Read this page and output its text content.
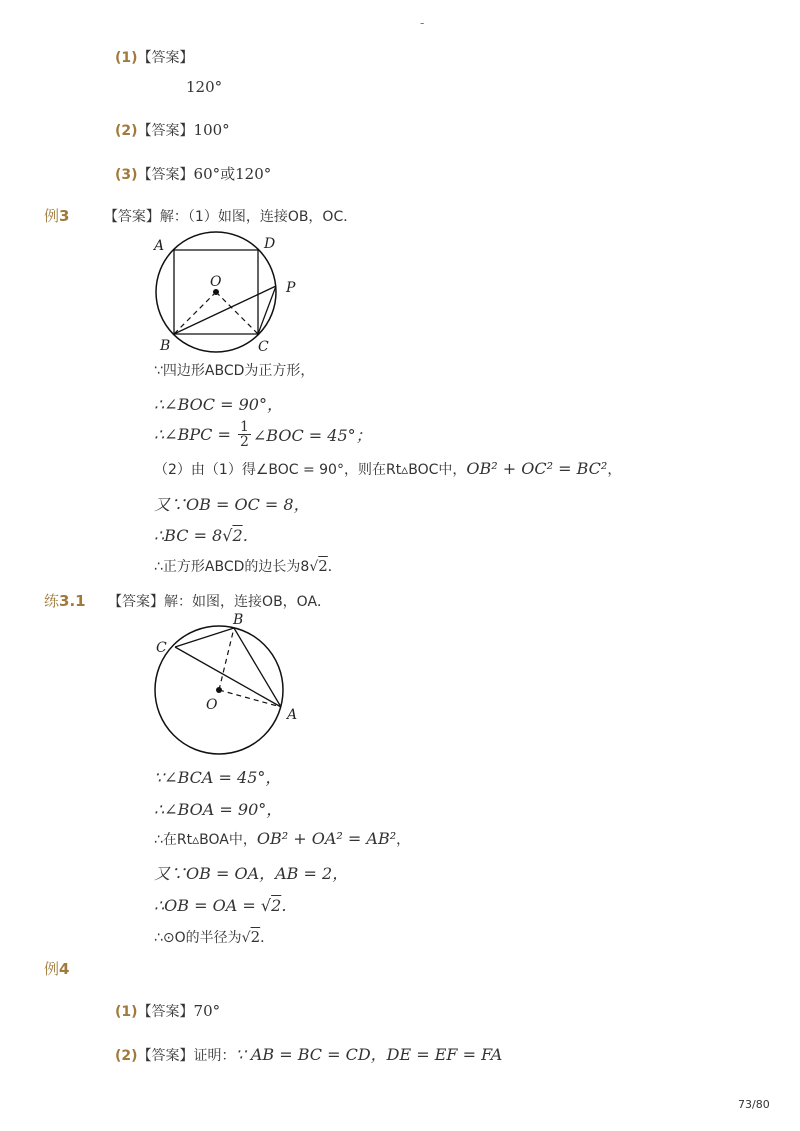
-
(1)【答案】
120°
(2)【答案】100°
(3)【答案】60°或120°
例3 【答案】解：（1）如图，连接OB，OC．
A	D
O	P
B	C
∵四边形ABCD为正方形，
∴∠BOC = 90°，
∴∠BPC = $\frac{1}{2}$ ∠BOC = 45°；
（2）由（1）得∠BOC = 90°，则在Rt▵BOC中，OB² + OC² = BC²，
又∵OB = OC = 8，
∴BC = 8√2．
∴正方形ABCD的边长为8√2．
练3.1 【答案】解：如图，连接OB，OA．
B
C
O
A
∵∠BCA = 45°，
∴∠BOA = 90°，
∴在Rt▵BOA中，OB² + OA² = AB²，
又∵OB = OA，AB = 2，
∴OB = OA = √2．
∴⊙O的半径为√2．
例4
(1)【答案】70°
(2)【答案】证明：∵ AB = BC = CD，DE = EF = FA
73/80
